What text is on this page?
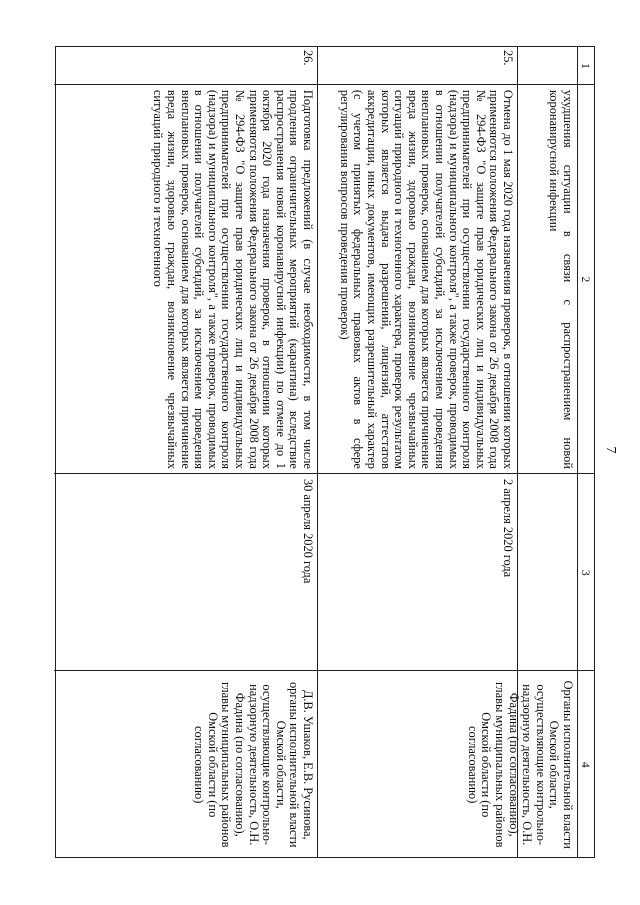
7
1
2
3
4
ухудшения ситуации в связи с распространением новой коронавирусной инфекции
Органы исполнительной власти Омской области, осуществляющие контрольно-надзорную деятельность, О.Н. Фадина (по согласованию), главы муниципальных районов Омской области (по согласованию)
25.
Отмена до 1 мая 2020 года назначения проверок, в отношении которых применяются положения Федерального закона от 26 декабря 2008 года № 294-ФЗ "О защите прав юридических лиц и индивидуальных предпринимателей при осуществлении государственного контроля (надзора) и муниципального контроля", а также проверок, проводимых в отношении получателей субсидий, за исключением проведения внеплановых проверок, основанием для которых является причинение вреда жизни, здоровью граждан, возникновение чрезвычайных ситуаций природного и техногенного характера, проверок результатом которых является выдача разрешений, лицензий, аттестатов аккредитации, иных документов, имеющих разрешительный характер (с учетом принятых федеральных правовых актов в сфере регулирования вопросов проведения проверок)
2 апреля 2020 года
26.
Подготовка предложений (в случае необходимости, в том числе продления ограничительных мероприятий (карантина) вследствие распространения новой коронавирусной инфекции) по отмене до 1 октября 2020 года назначения проверок, в отношении которых применяются положения Федерального закона от 26 декабря 2008 года № 294-ФЗ "О защите прав юридических лиц и индивидуальных предпринимателей при осуществлении государственного контроля (надзора) и муниципального контроля", а также проверок, проводимых в отношении получателей субсидий, за исключением проведения внеплановых проверок, основанием для которых является причинение вреда жизни, здоровью граждан, возникновение чрезвычайных ситуаций природного и техногенного
30 апреля 2020 года
Д.В. Ушаков, Е.В. Русинова, органы исполнительной власти Омской области, осуществляющие контрольно-надзорную деятельность, О.Н. Фадина (по согласованию), главы муниципальных районов Омской области (по согласованию)
